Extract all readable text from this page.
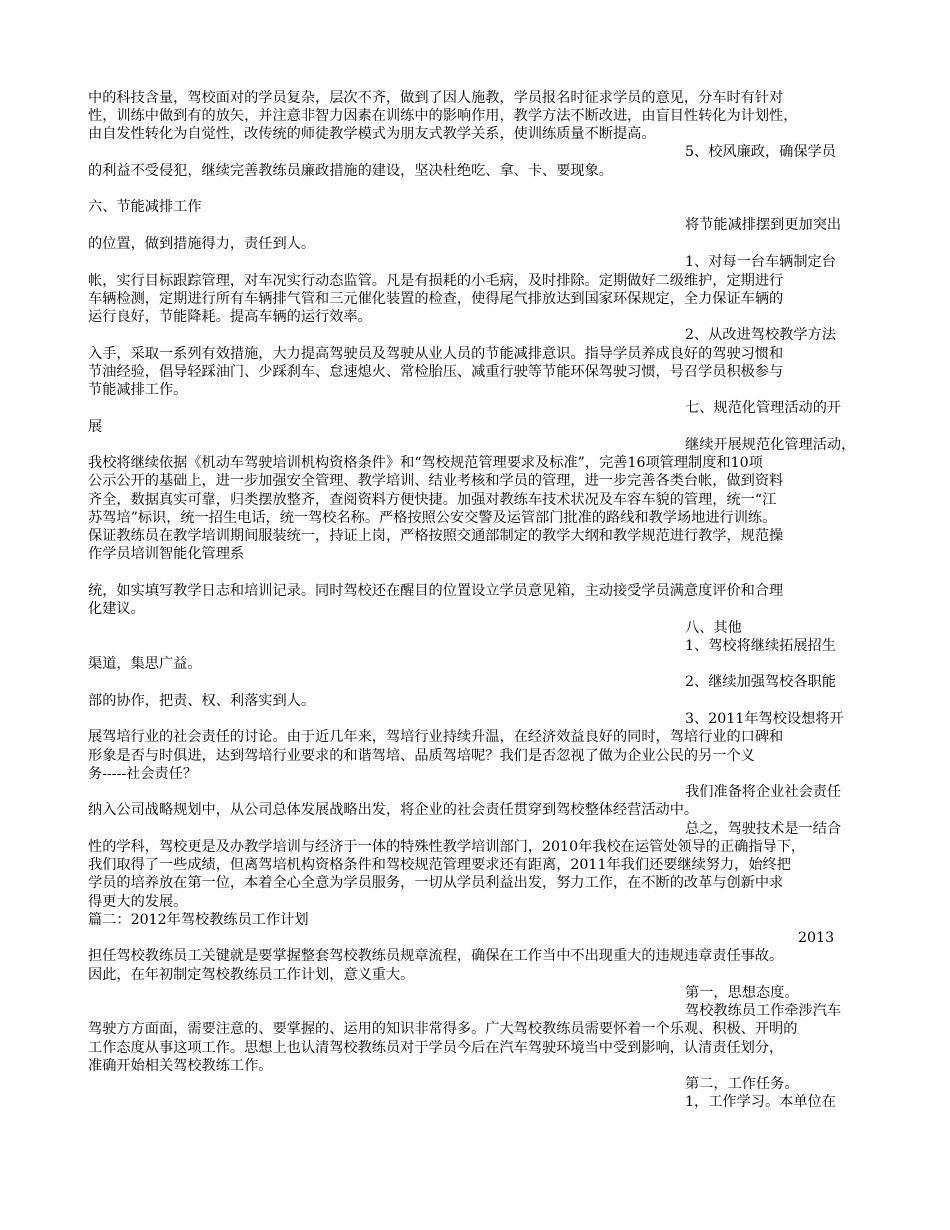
中的科技含量，驾校面对的学员复杂，层次不齐，做到了因人施教，学员报名时征求学员的意见，分车时有针对
性，训练中做到有的放矢，并注意非智力因素在训练中的影响作用，教学方法不断改进，由盲目性转化为计划性，
由自发性转化为自觉性，改传统的师徒教学模式为朋友式教学关系，使训练质量不断提高。
5、校风廉政，确保学员
的利益不受侵犯，继续完善教练员廉政措施的建设，坚决杜绝吃、拿、卡、要现象。
六、节能减排工作
将节能减排摆到更加突出
的位置，做到措施得力，责任到人。
1、对每一台车辆制定台
帐，实行目标跟踪管理，对车况实行动态监管。凡是有损耗的小毛病，及时排除。定期做好二级维护，定期进行
车辆检测，定期进行所有车辆排气管和三元催化装置的检查，使得尾气排放达到国家环保规定，全力保证车辆的
运行良好，节能降耗。提高车辆的运行效率。
2、从改进驾校教学方法
入手，采取一系列有效措施，大力提高驾驶员及驾驶从业人员的节能减排意识。指导学员养成良好的驾驶习惯和
节油经验，倡导轻踩油门、少踩刹车、怠速熄火、常检胎压、减重行驶等节能环保驾驶习惯，号召学员积极参与
节能减排工作。
七、规范化管理活动的开
展
继续开展规范化管理活动，
我校将继续依据《机动车驾驶培训机构资格条件》和“驾校规范管理要求及标准”，完善16项管理制度和10项
公示公开的基础上，进一步加强安全管理、教学培训、结业考核和学员的管理，进一步完善各类台帐，做到资料
齐全，数据真实可靠，归类摆放整齐，查阅资料方便快捷。加强对教练车技术状况及车容车貌的管理，统一“江
苏驾培”标识，统一招生电话，统一驾校名称。严格按照公安交警及运管部门批准的路线和教学场地进行训练。
保证教练员在教学培训期间服装统一，持证上岗，严格按照交通部制定的教学大纲和教学规范进行教学，规范操
作学员培训智能化管理系
统，如实填写教学日志和培训记录。同时驾校还在醒目的位置设立学员意见箱，主动接受学员满意度评价和合理
化建议。
八、其他
1、驾校将继续拓展招生
渠道，集思广益。
2、继续加强驾校各职能
部的协作，把责、权、利落实到人。
3、2011年驾校设想将开
展驾培行业的社会责任的讨论。由于近几年来，驾培行业持续升温，在经济效益良好的同时，驾培行业的口碑和
形象是否与时俱进，达到驾培行业要求的和谐驾培、品质驾培呢？我们是否忽视了做为企业公民的另一个义
务-----社会责任？
我们准备将企业社会责任
纳入公司战略规划中，从公司总体发展战略出发，将企业的社会责任贯穿到驾校整体经营活动中。
总之，驾驶技术是一结合
性的学科，驾校更是及办教学培训与经济于一体的特殊性教学培训部门，2010年我校在运管处领导的正确指导下，
我们取得了一些成绩，但离驾培机构资格条件和驾校规范管理要求还有距离，2011年我们还要继续努力，始终把
学员的培养放在第一位，本着全心全意为学员服务，一切从学员利益出发，努力工作，在不断的改革与创新中求
得更大的发展。
篇二：2012年驾校教练员工作计划
2013
担任驾校教练员工关键就是要掌握整套驾校教练员规章流程，确保在工作当中不出现重大的违规违章责任事故。
因此，在年初制定驾校教练员工作计划，意义重大。
第一，思想态度。
驾校教练员工作牵涉汽车
驾驶方方面面，需要注意的、要掌握的、运用的知识非常得多。广大驾校教练员需要怀着一个乐观、积极、开明的
工作态度从事这项工作。思想上也认清驾校教练员对于学员今后在汽车驾驶环境当中受到影响，认清责任划分，
准确开始相关驾校教练工作。
第二，工作任务。
1，工作学习。本单位在
